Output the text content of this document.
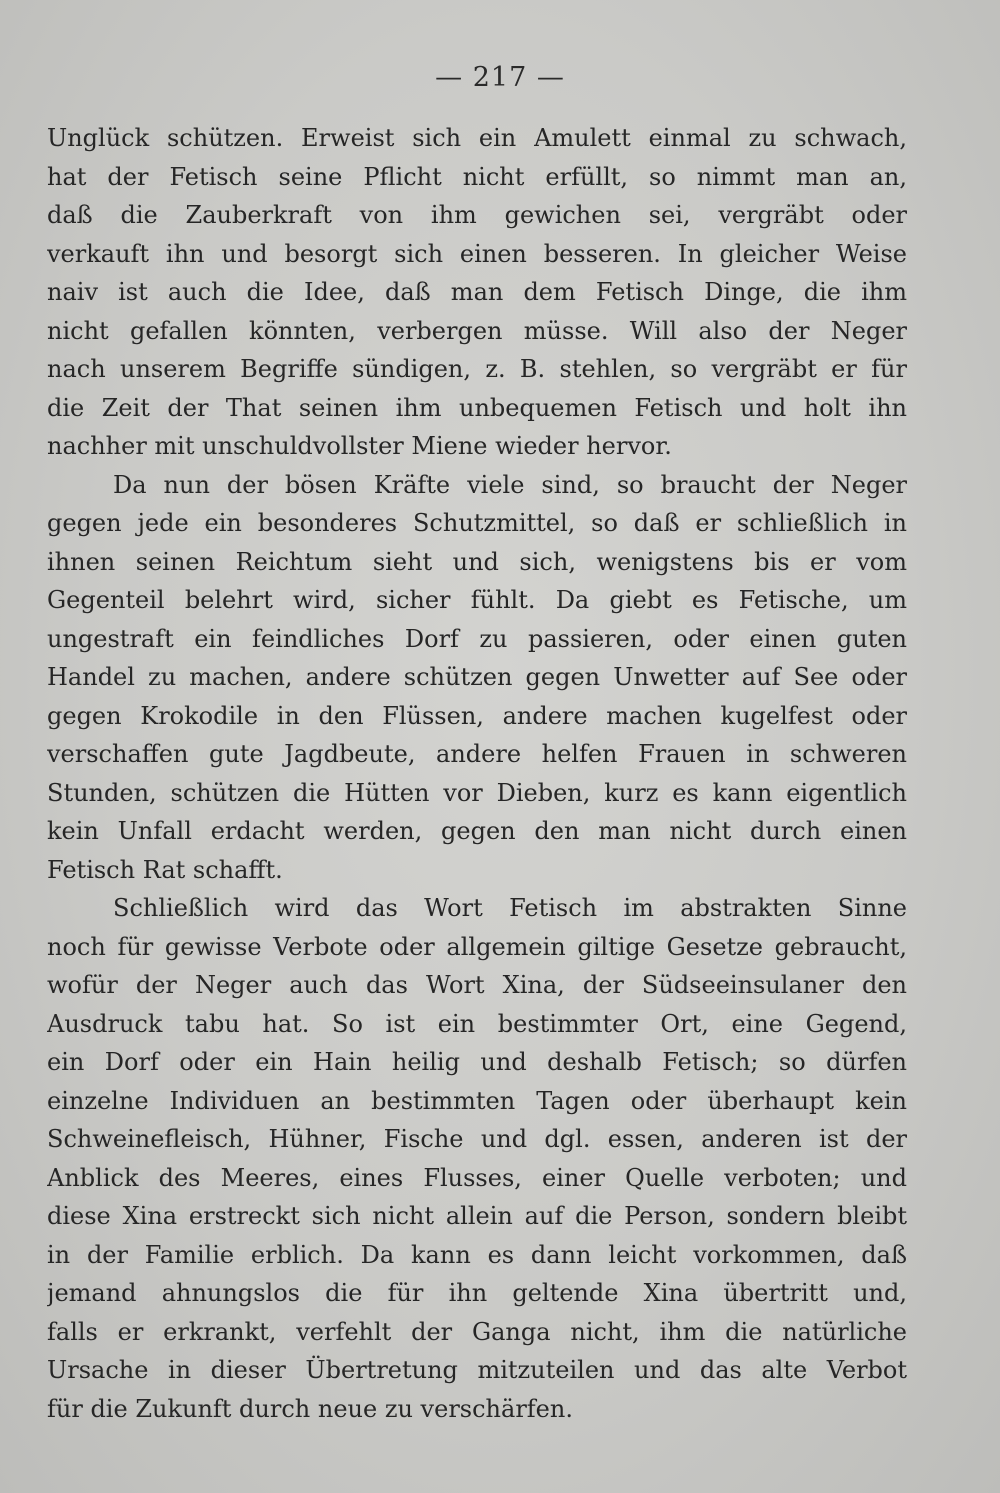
— 217 —
Unglück schützen. Erweist sich ein Amulett einmal zu schwach,
hat der Fetisch seine Pflicht nicht erfüllt, so nimmt man an,
daß die Zauberkraft von ihm gewichen sei, vergräbt oder
verkauft ihn und besorgt sich einen besseren. In gleicher Weise
naiv ist auch die Idee, daß man dem Fetisch Dinge, die ihm
nicht gefallen könnten, verbergen müsse. Will also der Neger
nach unserem Begriffe sündigen, z. B. stehlen, so vergräbt er für
die Zeit der That seinen ihm unbequemen Fetisch und holt ihn
nachher mit unschuldvollster Miene wieder hervor.
Da nun der bösen Kräfte viele sind, so braucht der Neger
gegen jede ein besonderes Schutzmittel, so daß er schließlich in
ihnen seinen Reichtum sieht und sich, wenigstens bis er vom
Gegenteil belehrt wird, sicher fühlt. Da giebt es Fetische, um
ungestraft ein feindliches Dorf zu passieren, oder einen guten
Handel zu machen, andere schützen gegen Unwetter auf See oder
gegen Krokodile in den Flüssen, andere machen kugelfest oder
verschaffen gute Jagdbeute, andere helfen Frauen in schweren
Stunden, schützen die Hütten vor Dieben, kurz es kann eigentlich
kein Unfall erdacht werden, gegen den man nicht durch einen
Fetisch Rat schafft.
Schließlich wird das Wort Fetisch im abstrakten Sinne
noch für gewisse Verbote oder allgemein giltige Gesetze gebraucht,
wofür der Neger auch das Wort Xina, der Südseeinsulaner den
Ausdruck tabu hat. So ist ein bestimmter Ort, eine Gegend,
ein Dorf oder ein Hain heilig und deshalb Fetisch; so dürfen
einzelne Individuen an bestimmten Tagen oder überhaupt kein
Schweinefleisch, Hühner, Fische und dgl. essen, anderen ist der
Anblick des Meeres, eines Flusses, einer Quelle verboten; und
diese Xina erstreckt sich nicht allein auf die Person, sondern bleibt
in der Familie erblich. Da kann es dann leicht vorkommen, daß
jemand ahnungslos die für ihn geltende Xina übertritt und,
falls er erkrankt, verfehlt der Ganga nicht, ihm die natürliche
Ursache in dieser Übertretung mitzuteilen und das alte Verbot
für die Zukunft durch neue zu verschärfen.
